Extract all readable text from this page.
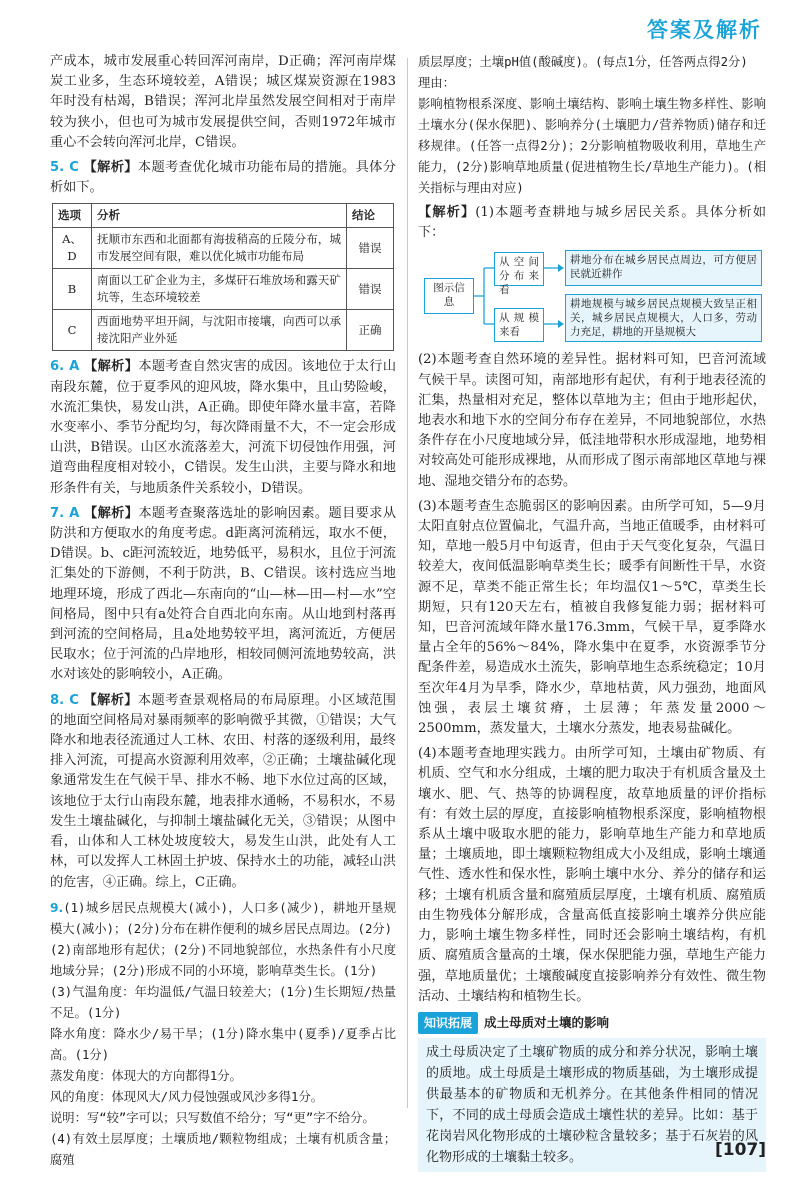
答案及解析

产成本，城市发展重心转回浑河南岸，D正确；浑河南岸煤炭工业多，生态环境较差，A错误；城区煤炭资源在1983年时没有枯竭，B错误；浑河北岸虽然发展空间相对于南岸较为狭小，但也可为城市发展提供空间，否则1972年城市重心不会转向浑河北岸，C错误。

5. C 【解析】本题考查优化城市功能布局的措施。具体分析如下。

选项	分析	结论
A、D	抚顺市东西和北面都有海拔稍高的丘陵分布，城市发展空间有限，难以优化城市功能布局	错误
B	南面以工矿企业为主，多煤矸石堆放场和露天矿坑等，生态环境较差	错误
C	西面地势平坦开阔，与沈阳市接壤，向西可以承接沈阳产业外延	正确

6. A 【解析】本题考查自然灾害的成因。该地位于太行山南段东麓，位于夏季风的迎风坡，降水集中，且山势险峻，水流汇集快，易发山洪，A正确。即使年降水量丰富，若降水变率小、季节分配均匀，每次降雨量不大，不一定会形成山洪，B错误。山区水流落差大，河流下切侵蚀作用强，河道弯曲程度相对较小，C错误。发生山洪，主要与降水和地形条件有关，与地质条件关系较小，D错误。

7. A 【解析】本题考查聚落选址的影响因素。题目要求从防洪和方便取水的角度考虑。d距离河流稍远，取水不便，D错误。b、c距河流较近，地势低平，易积水，且位于河流汇集处的下游侧，不利于防洪，B、C错误。该村选应当地地理环境，形成了西北—东南向的“山—林—田—村—水”空间格局，图中只有a处符合自西北向东南。从山地到村落再到河流的空间格局，且a处地势较平坦，离河流近，方便居民取水；位于河流的凸岸地形，相较同侧河流地势较高，洪水对该处的影响较小，A正确。

8. C 【解析】本题考查景观格局的布局原理。小区域范围的地面空间格局对暴雨频率的影响微乎其微，①错误；大气降水和地表径流通过人工林、农田、村落的逐级利用，最终排入河流，可提高水资源利用效率，②正确；土壤盐碱化现象通常发生在气候干旱、排水不畅、地下水位过高的区域，该地位于太行山南段东麓，地表排水通畅，不易积水，不易发生土壤盐碱化，与抑制土壤盐碱化无关，③错误；从图中看，山体和人工林处坡度较大，易发生山洪，此处有人工林，可以发挥人工林固土护坡、保持水土的功能，减轻山洪的危害，④正确。综上，C正确。

9.(1)城乡居民点规模大(减小)，人口多(减少)，耕地开垦规模大(减小)；(2分)分布在耕作便利的城乡居民点周边。(2分)
(2)南部地形有起伏；(2分)不同地貌部位，水热条件有小尺度地域分异；(2分)形成不同的小环境，影响草类生长。(1分)
(3)气温角度：年均温低/气温日较差大；(1分)生长期短/热量不足。(1分)
降水角度：降水少/易干旱；(1分)降水集中(夏季)/夏季占比高。(1分)
蒸发角度：体现大的方向都得1分。
风的角度：体现风大/风力侵蚀强或风沙多得1分。
说明：写“较”字可以；只写数值不给分；写“更”字不给分。
(4)有效土层厚度；土壤质地/颗粒物组成；土壤有机质含量；腐殖
质层厚度；土壤pH值(酸碱度)。(每点1分，任答两点得2分)
理由：
影响植物根系深度、影响土壤结构、影响土壤生物多样性、影响土壤水分(保水保肥)、影响养分(土壤肥力/营养物质)储存和迁移规律。(任答一点得2分)；2分影响植物吸收利用，草地生产能力，(2分)影响草地质量(促进植物生长/草地生产能力)。(相关指标与理由对应)

【解析】(1)本题考查耕地与城乡居民关系。具体分析如下：

图示信息
从空间分布来看
从规模来看
耕地分布在城乡居民点周边，可方便居民就近耕作
耕地规模与城乡居民点规模大致呈正相关，城乡居民点规模大，人口多，劳动力充足，耕地的开垦规模大

(2)本题考查自然环境的差异性。据材料可知，巴音河流域气候干旱。读图可知，南部地形有起伏，有利于地表径流的汇集，热量相对充足，整体以草地为主；但由于地形起伏，地表水和地下水的空间分布存在差异，不同地貌部位，水热条件存在小尺度地域分异，低洼地带积水形成湿地，地势相对较高处可能形成裸地，从而形成了图示南部地区草地与裸地、湿地交错分布的态势。

(3)本题考查生态脆弱区的影响因素。由所学可知，5—9月太阳直射点位置偏北，气温升高，当地正值暖季，由材料可知，草地一般5月中旬返青，但由于天气变化复杂，气温日较差大，夜间低温影响草类生长；暖季有间断性干旱，水资源不足，草类不能正常生长；年均温仅1～5℃，草类生长期短，只有120天左右，植被自我修复能力弱；据材料可知，巴音河流域年降水量176.3mm，气候干旱，夏季降水量占全年的56%～84%，降水集中在夏季，水资源季节分配条件差，易造成水土流失，影响草地生态系统稳定；10月至次年4月为旱季，降水少，草地枯黄，风力强劲，地面风蚀强，表层土壤贫瘠，土层薄；年蒸发量2000～2500mm，蒸发量大，土壤水分蒸发，地表易盐碱化。

(4)本题考查地理实践力。由所学可知，土壤由矿物质、有机质、空气和水分组成，土壤的肥力取决于有机质含量及土壤水、肥、气、热等的协调程度，故草地质量的评价指标有：有效土层的厚度，直接影响植物根系深度，影响植物根系从土壤中吸取水肥的能力，影响草地生产能力和草地质量；土壤质地，即土壤颗粒物组成大小及组成，影响土壤通气性、透水性和保水性，影响土壤中水分、养分的储存和运移；土壤有机质含量和腐殖质层厚度，土壤有机质、腐殖质由生物残体分解形成，含量高低直接影响土壤养分供应能力，影响土壤生物多样性，同时还会影响土壤结构，有机质、腐殖质含量高的土壤，保水保肥能力强，草地生产能力强，草地质量优；土壤酸碱度直接影响养分有效性、微生物活动、土壤结构和植物生长。

知识拓展 成土母质对土壤的影响
成土母质决定了土壤矿物质的成分和养分状况，影响土壤的质地。成土母质是土壤形成的物质基础，为土壤形成提供最基本的矿物质和无机养分。在其他条件相同的情况下，不同的成土母质会造成土壤性状的差异。比如：基于花岗岩风化物形成的土壤砂粒含量较多；基于石灰岩的风化物形成的土壤黏土较多。	[107]
